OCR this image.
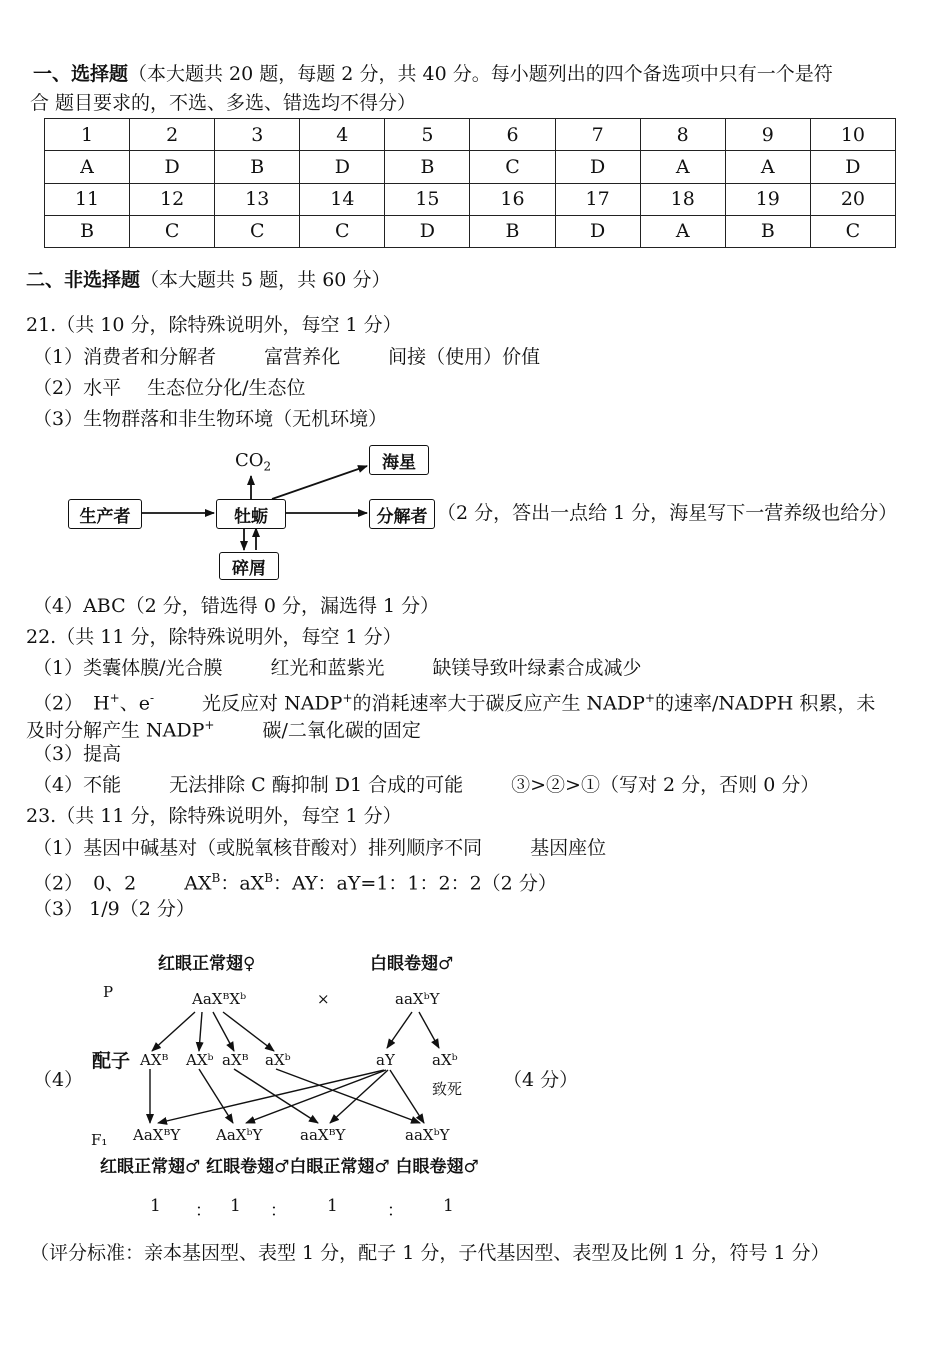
一、选择题（本大题共 20 题，每题 2 分，共 40 分。每小题列出的四个备选项中只有一个是符
合 题目要求的，不选、多选、错选均不得分）
1	2	3	4	5	6	7	8	9	10
A	D	B	D	B	C	D	A	A	D
11	12	13	14	15	16	17	18	19	20
B	C	C	C	D	B	D	A	B	C
二、非选择题（本大题共 5 题，共 60 分）
21.（共 10 分，除特殊说明外，每空 1 分）
（1）消费者和分解者	富营养化	间接（使用）价值
（2）水平 生态位分化/生态位
（3）生物群落和非生物环境（无机环境）
生产者	牡蛎
$CO_2$	海星
分解者
碎屑
（2 分，答出一点给 1 分，海星写下一营养级也给分）
（4）ABC（2 分，错选得 0 分，漏选得 1 分）
22.（共 11 分，除特殊说明外，每空 1 分）
（1）类囊体膜/光合膜	红光和蓝紫光	缺镁导致叶绿素合成减少
（2） H+、e-	光反应对 NADP+的消耗速率大于碳反应产生 NADP+的速率/NADPH 积累，未
及时分解产生 NADP+	碳/二氧化碳的固定
（3）提高
（4）不能	无法排除 C 酶抑制 D1 合成的可能	③>②>①（写对 2 分，否则 0 分）
23.（共 11 分，除特殊说明外，每空 1 分）
（1）基因中碱基对（或脱氧核苷酸对）排列顺序不同	基因座位
（2） 0、2	$AX^B$：$aX^B$：AY：aY=1：1：2：2（2 分）
（3） 1/9（2 分）
红眼正常翅♀	白眼卷翅♂
P	AaXᴮXᵇ	×	aaXᵇY
（4）
配子 AXᴮ AXᵇ aXᴮ aXᵇ	aY aXᵇ
致死 （4 分）
F₁ AaXᴮY AaXᵇY	aaXᴮY	aaXᵇY
红眼正常翅♂ 红眼卷翅♂白眼正常翅♂ 白眼卷翅♂
1 ： 1 ： 1	： 1
（评分标准：亲本基因型、表型 1 分，配子 1 分，子代基因型、表型及比例 1 分，符号 1 分）
